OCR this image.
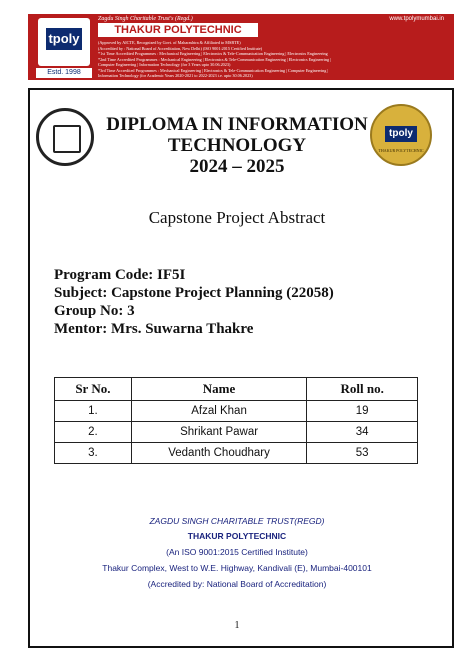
tpoly
Estd. 1998
Zagdu Singh Charitable Trust's (Regd.)	www.tpolymumbai.in
THAKUR POLYTECHNIC
(Approved by AICTE, Recognized by Govt. of Maharashtra & Affiliated to MSBTE)
(Accredited by : National Board of Accreditation, New Delhi) (ISO 9001:2015 Certified Institute)
*1st Time Accredited Programmes : Mechanical Engineering | Electronics & Tele-Communication Engineering | Electronics Engineering
*2nd Time Accredited Programmes : Mechanical Engineering | Electronics & Tele-Communication Engineering | Electronics Engineering |
Computer Engineering | Information Technology (for 3 Years upto 30.06.2023)
*3rd Time Accredited Programmes : Mechanical Engineering | Electronics & Tele-Communication Engineering | Computer Engineering |
Information Technology (for Academic Years 2020-2021 to 2022-2023 i.e. upto 30.06.2023)
tpoly
THAKUR POLYTECHNIC
DIPLOMA IN INFORMATION
TECHNOLOGY
2024 – 2025
Capstone Project Abstract
Program Code: IF5I
Subject: Capstone Project Planning (22058)
Group No: 3
Mentor: Mrs. Suwarna Thakre
Sr No.	Name	Roll no.
1.	Afzal Khan	19
2.	Shrikant Pawar	34
3.	Vedanth Choudhary	53
ZAGDU SINGH CHARITABLE TRUST(REGD)
THAKUR POLYTECHNIC
(An ISO 9001:2015 Certified Institute)
Thakur Complex, West to W.E. Highway, Kandivali (E), Mumbai-400101
(Accredited by: National Board of Accreditation)
1
